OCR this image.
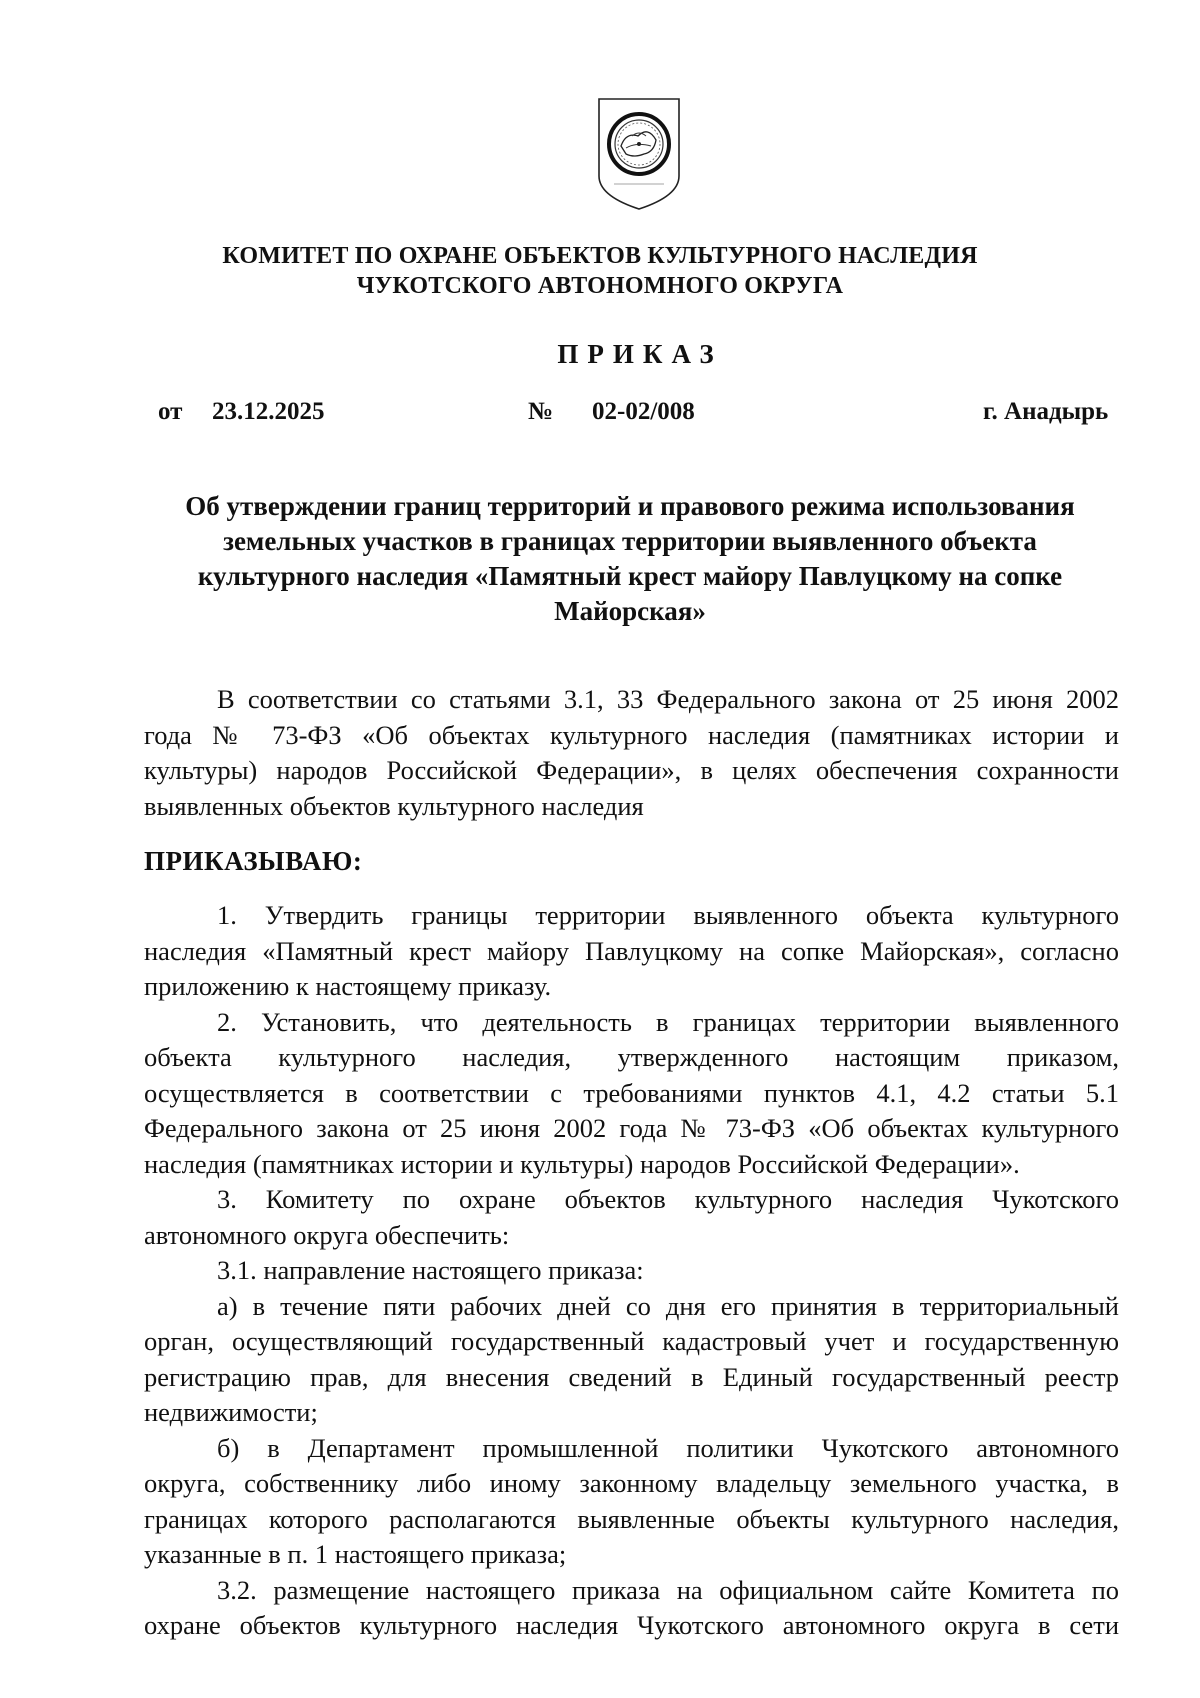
КОМИТЕТ ПО ОХРАНЕ ОБЪЕКТОВ КУЛЬТУРНОГО НАСЛЕДИЯ
ЧУКОТСКОГО АВТОНОМНОГО ОКРУГА
ПРИКАЗ
от 23.12.2025	№ 02-02/008	г. Анадырь
Об утверждении границ территорий и правового режима использования
земельных участков в границах территории выявленного объекта
культурного наследия «Памятный крест майору Павлуцкому на сопке
Майорская»
В соответствии со статьями 3.1, 33 Федерального закона от 25 июня 2002
года № 73-ФЗ «Об объектах культурного наследия (памятниках истории и
культуры) народов Российской Федерации», в целях обеспечения сохранности
выявленных объектов культурного наследия
ПРИКАЗЫВАЮ:
1. Утвердить границы территории выявленного объекта культурного
наследия «Памятный крест майору Павлуцкому на сопке Майорская», согласно
приложению к настоящему приказу.
2. Установить, что деятельность в границах территории выявленного
объекта культурного наследия, утвержденного настоящим приказом,
осуществляется в соответствии с требованиями пунктов 4.1, 4.2 статьи 5.1
Федерального закона от 25 июня 2002 года № 73-ФЗ «Об объектах культурного
наследия (памятниках истории и культуры) народов Российской Федерации».
3. Комитету по охране объектов культурного наследия Чукотского
автономного округа обеспечить:
3.1. направление настоящего приказа:
а) в течение пяти рабочих дней со дня его принятия в территориальный
орган, осуществляющий государственный кадастровый учет и государственную
регистрацию прав, для внесения сведений в Единый государственный реестр
недвижимости;
б) в Департамент промышленной политики Чукотского автономного
округа, собственнику либо иному законному владельцу земельного участка, в
границах которого располагаются выявленные объекты культурного наследия,
указанные в п. 1 настоящего приказа;
3.2. размещение настоящего приказа на официальном сайте Комитета по
охране объектов культурного наследия Чукотского автономного округа в сети
